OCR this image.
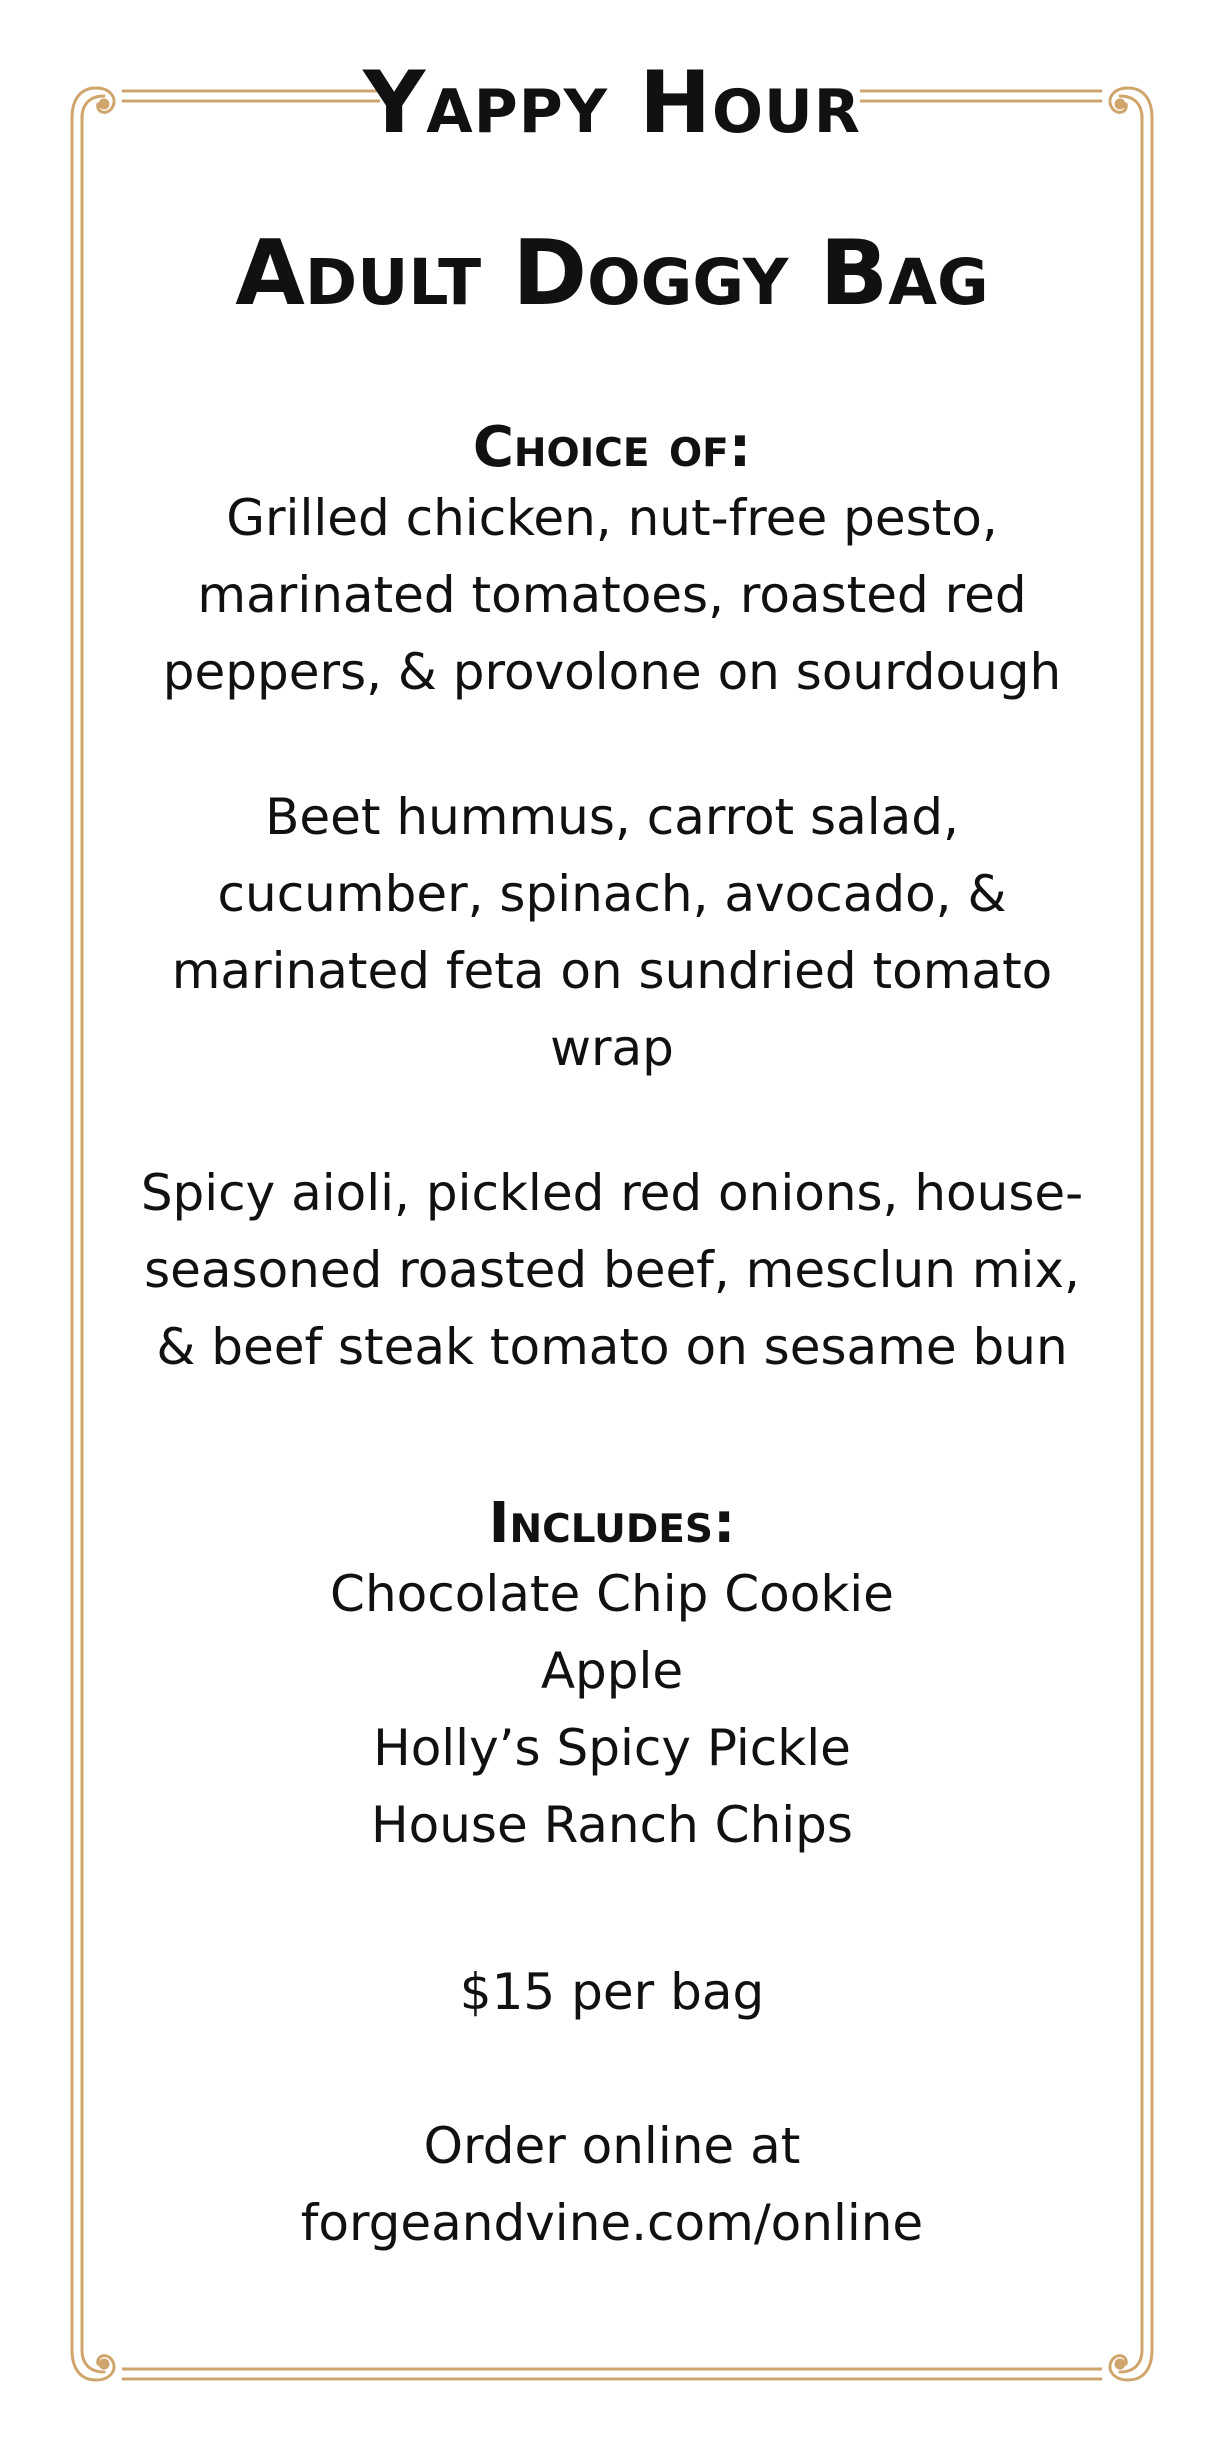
Yappy Hour
Adult Doggy Bag

Choice of:

Grilled chicken, nut-free pesto,

marinated tomatoes, roasted red

peppers, & provolone on sourdough

Beet hummus, carrot salad,

cucumber, spinach, avocado, &

marinated feta on sundried tomato

wrap

Spicy aioli, pickled red onions, house-

seasoned roasted beef, mesclun mix,

& beef steak tomato on sesame bun

Includes:

Chocolate Chip Cookie
Apple
Holly’s Spicy Pickle
House Ranch Chips

$15 per bag

Order online at

forgeandvine.com/online
